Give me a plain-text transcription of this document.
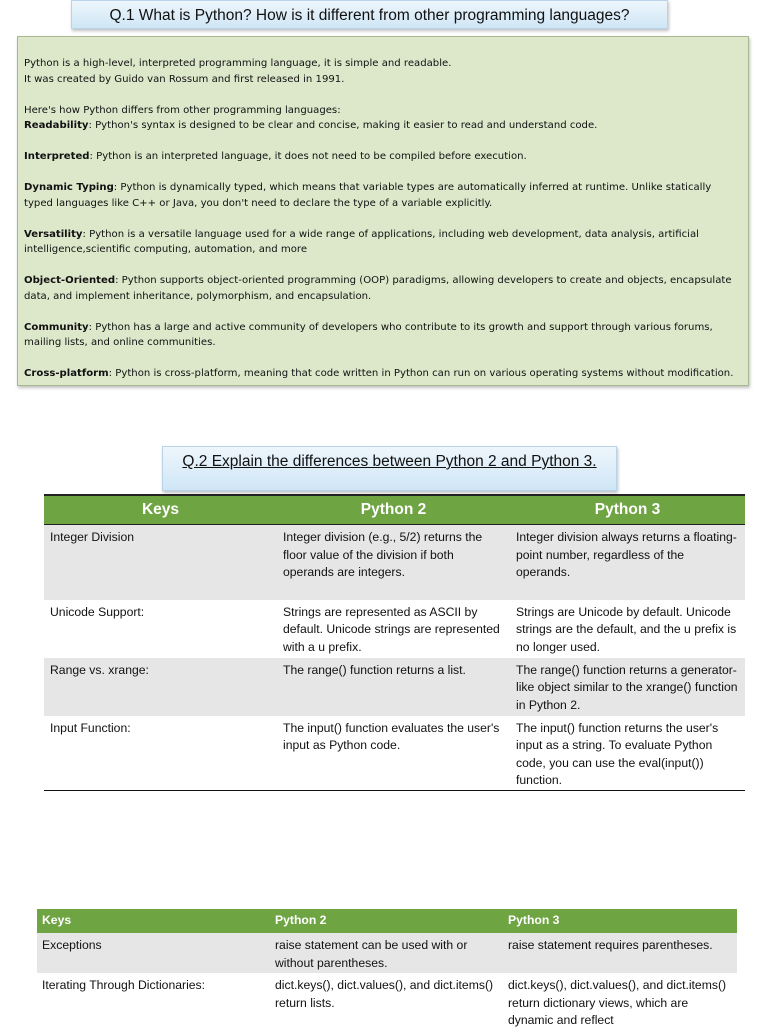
Q.1 What is Python? How is it different from other programming languages?

Python is a high-level, interpreted programming language, it is simple and readable.

It was created by Guido van Rossum and first released in 1991.

Here's how Python differs from other programming languages:

Readability: Python's syntax is designed to be clear and concise, making it easier to read and understand code.

Interpreted: Python is an interpreted language, it does not need to be compiled before execution.

Dynamic Typing: Python is dynamically typed, which means that variable types are automatically inferred at runtime. Unlike statically typed languages like C++ or Java, you don't need to declare the type of a variable explicitly.

Versatility: Python is a versatile language used for a wide range of applications, including web development, data analysis, artificial intelligence,scientific computing, automation, and more

Object-Oriented: Python supports object-oriented programming (OOP) paradigms, allowing developers to create and objects, encapsulate data, and implement inheritance, polymorphism, and encapsulation.

Community: Python has a large and active community of developers who contribute to its growth and support through various forums,
mailing lists, and online communities.

Cross-platform: Python is cross-platform, meaning that code written in Python can run on various operating systems without modification.

Q.2 Explain the differences between Python 2 and Python 3.
Keys	Python 2	Python 3
Integer Division	Integer division (e.g., 5/2) returns the floor value of the division if both operands are integers.	Integer division always returns a floating-point number, regardless of the operands.
Unicode Support:	Strings are represented as ASCII by default. Unicode strings are represented with a u prefix.	Strings are Unicode by default. Unicode strings are the default, and the u prefix is no longer used.
Range vs. xrange:	The range() function returns a list.	The range() function returns a generator-like object similar to the xrange() function in Python 2.
Input Function:	The input() function evaluates the user's input as Python code.	The input() function returns the user's input as a string. To evaluate Python code, you can use the eval(input()) function.
Keys	Python 2	Python 3
Exceptions	raise statement can be used with or without parentheses.	raise statement requires parentheses.
Iterating Through Dictionaries:	dict.keys(), dict.values(), and dict.items() return lists.	dict.keys(), dict.values(), and dict.items() return dictionary views, which are dynamic and reflect
